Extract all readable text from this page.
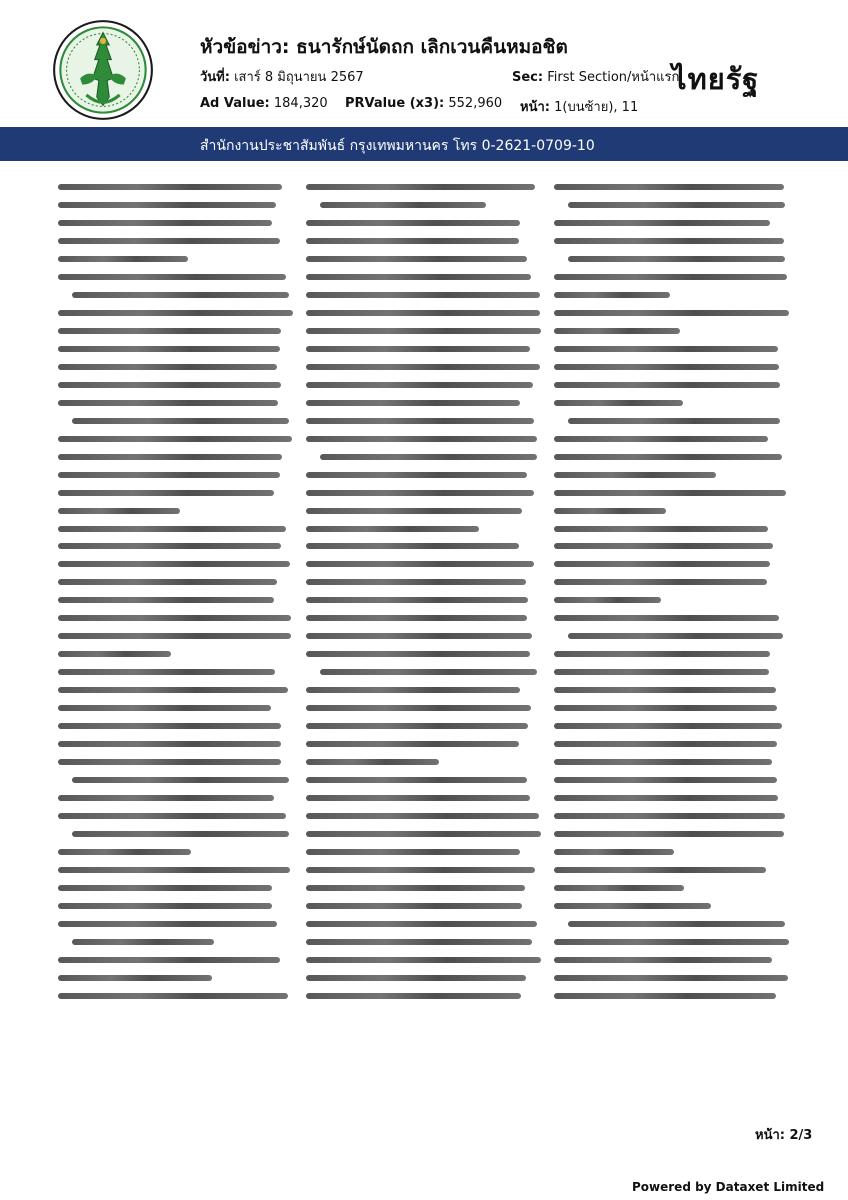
หัวข้อข่าว: ธนารักษ์นัดถก เลิกเวนคืนหมอชิต
วันที่: เสาร์ 8 มิถุนายน 2567	Sec: First Section/หน้าแรก
Ad Value: 184,320 PRValue (x3): 552,960 หน้า: 1(บนซ้าย), 11
ไทยรัฐ
สำนักงานประชาสัมพันธ์ กรุงเทพมหานคร โทร 0-2621-0709-10
หน้า: 2/3
Powered by Dataxet Limited
